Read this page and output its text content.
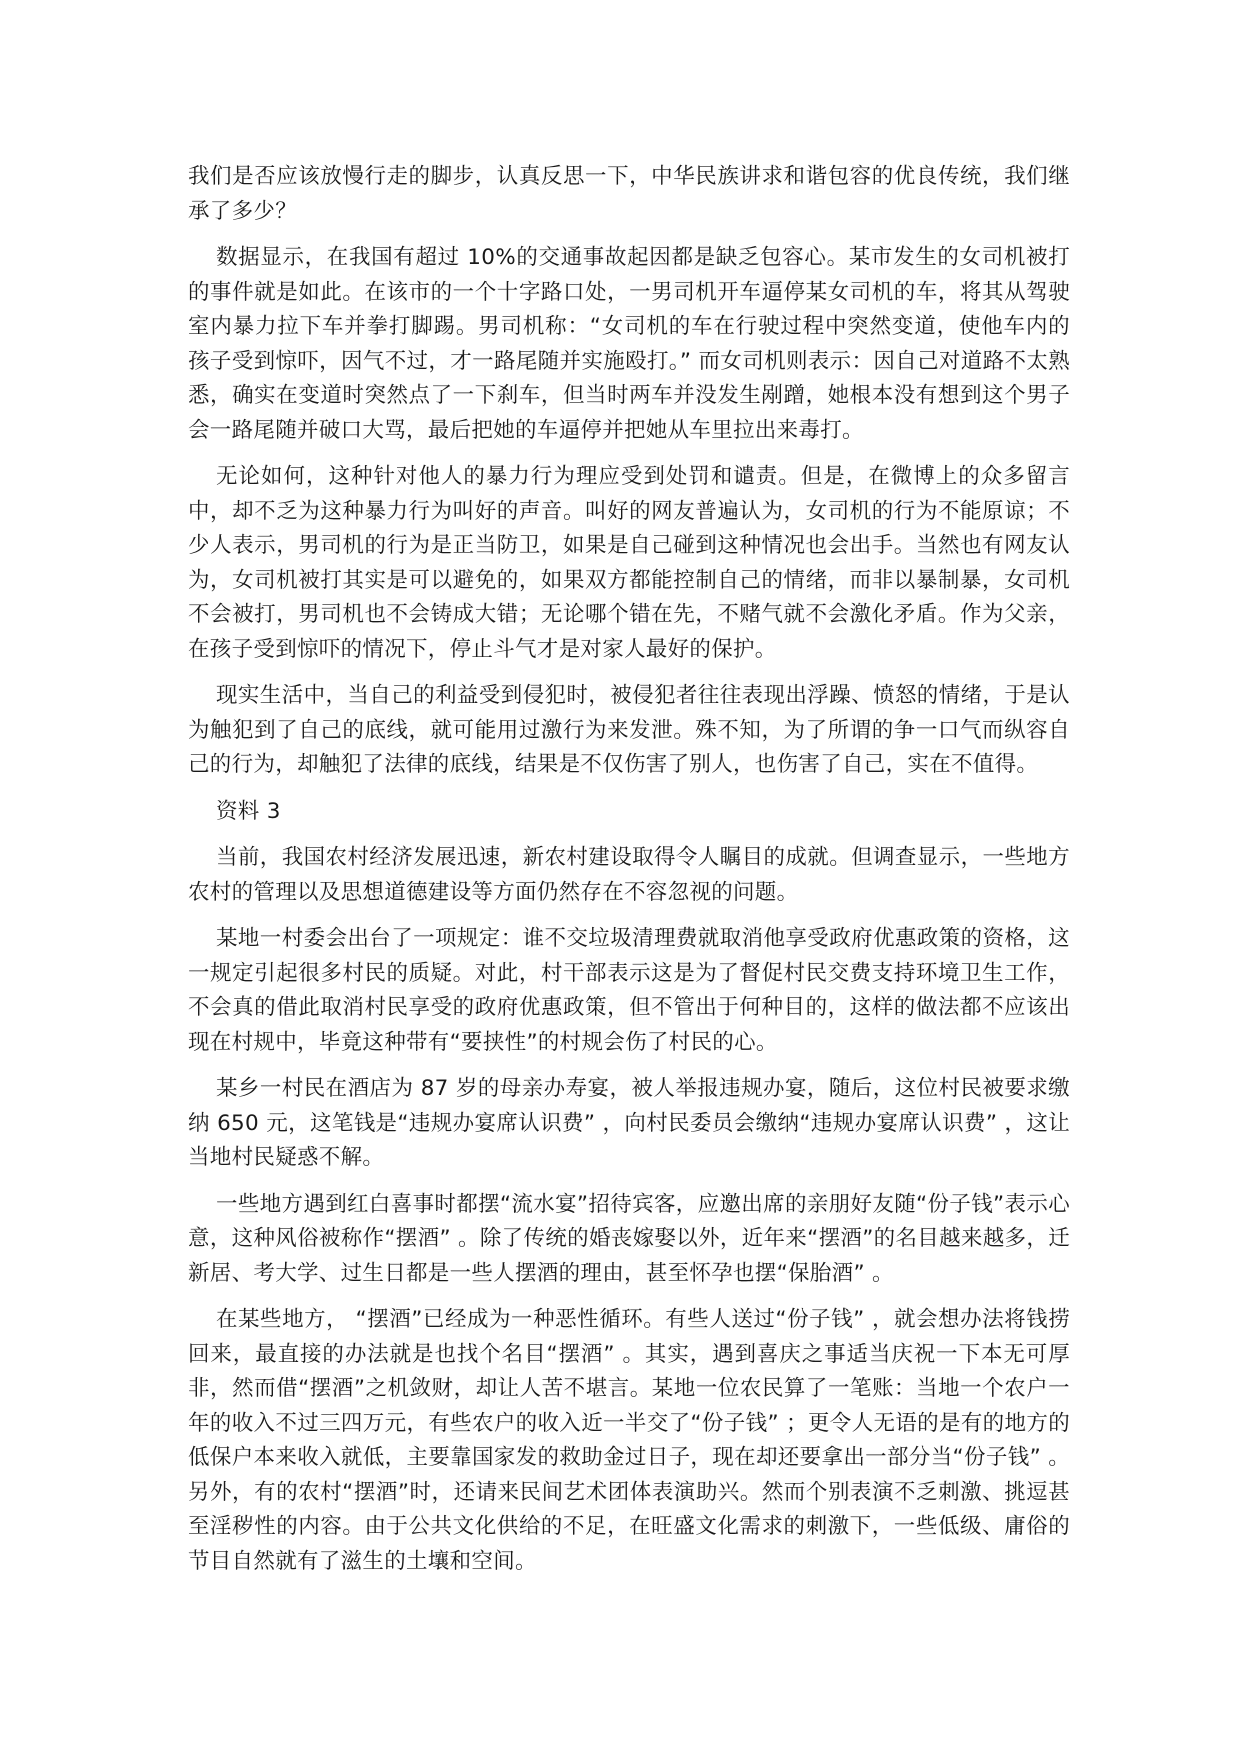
我们是否应该放慢行走的脚步，认真反思一下，中华民族讲求和谐包容的优良传统，我们继承了多少？

数据显示，在我国有超过 10%的交通事故起因都是缺乏包容心。某市发生的女司机被打的事件就是如此。在该市的一个十字路口处，一男司机开车逼停某女司机的车，将其从驾驶室内暴力拉下车并拳打脚踢。男司机称：“女司机的车在行驶过程中突然变道，使他车内的孩子受到惊吓，因气不过，才一路尾随并实施殴打。” 而女司机则表示：因自己对道路不太熟悉，确实在变道时突然点了一下刹车，但当时两车并没发生剐蹭，她根本没有想到这个男子会一路尾随并破口大骂，最后把她的车逼停并把她从车里拉出来毒打。

无论如何，这种针对他人的暴力行为理应受到处罚和谴责。但是，在微博上的众多留言中，却不乏为这种暴力行为叫好的声音。叫好的网友普遍认为，女司机的行为不能原谅；不少人表示，男司机的行为是正当防卫，如果是自己碰到这种情况也会出手。当然也有网友认为，女司机被打其实是可以避免的，如果双方都能控制自己的情绪，而非以暴制暴，女司机不会被打，男司机也不会铸成大错；无论哪个错在先，不赌气就不会激化矛盾。作为父亲，在孩子受到惊吓的情况下，停止斗气才是对家人最好的保护。

现实生活中，当自己的利益受到侵犯时，被侵犯者往往表现出浮躁、愤怒的情绪，于是认为触犯到了自己的底线，就可能用过激行为来发泄。殊不知，为了所谓的争一口气而纵容自己的行为，却触犯了法律的底线，结果是不仅伤害了别人，也伤害了自己，实在不值得。

资料 3

当前，我国农村经济发展迅速，新农村建设取得令人瞩目的成就。但调查显示，一些地方农村的管理以及思想道德建设等方面仍然存在不容忽视的问题。

某地一村委会出台了一项规定：谁不交垃圾清理费就取消他享受政府优惠政策的资格，这一规定引起很多村民的质疑。对此，村干部表示这是为了督促村民交费支持环境卫生工作，不会真的借此取消村民享受的政府优惠政策，但不管出于何种目的，这样的做法都不应该出现在村规中，毕竟这种带有“要挟性”的村规会伤了村民的心。

某乡一村民在酒店为 87 岁的母亲办寿宴，被人举报违规办宴，随后，这位村民被要求缴纳 650 元，这笔钱是“违规办宴席认识费” ，向村民委员会缴纳“违规办宴席认识费” ，这让当地村民疑惑不解。

一些地方遇到红白喜事时都摆“流水宴”招待宾客，应邀出席的亲朋好友随“份子钱”表示心意，这种风俗被称作“摆酒” 。除了传统的婚丧嫁娶以外，近年来“摆酒”的名目越来越多，迁新居、考大学、过生日都是一些人摆酒的理由，甚至怀孕也摆“保胎酒” 。

在某些地方， “摆酒”已经成为一种恶性循环。有些人送过“份子钱” ，就会想办法将钱捞回来，最直接的办法就是也找个名目“摆酒” 。其实，遇到喜庆之事适当庆祝一下本无可厚非，然而借“摆酒”之机敛财，却让人苦不堪言。某地一位农民算了一笔账：当地一个农户一年的收入不过三四万元，有些农户的收入近一半交了“份子钱” ；更令人无语的是有的地方的低保户本来收入就低，主要靠国家发的救助金过日子，现在却还要拿出一部分当“份子钱” 。另外，有的农村“摆酒”时，还请来民间艺术团体表演助兴。然而个别表演不乏刺激、挑逗甚至淫秽性的内容。由于公共文化供给的不足，在旺盛文化需求的刺激下，一些低级、庸俗的节目自然就有了滋生的土壤和空间。
